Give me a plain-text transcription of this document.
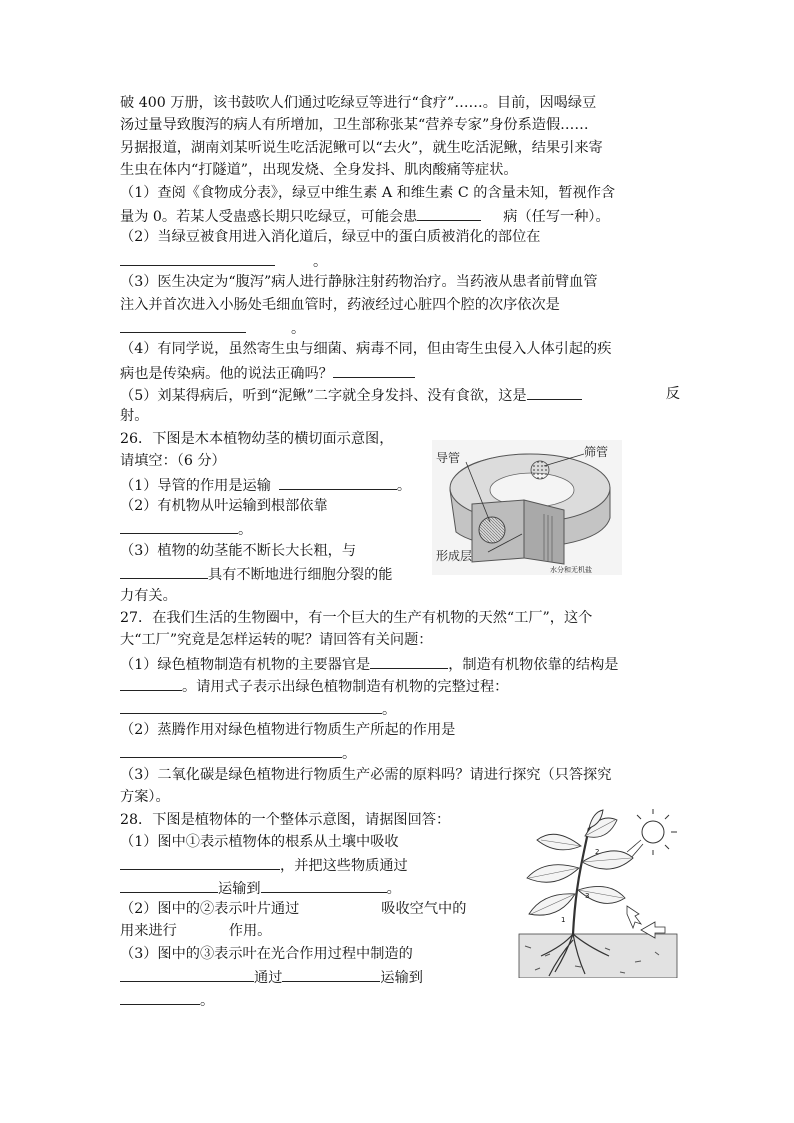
破 400 万册，该书鼓吹人们通过吃绿豆等进行“食疗”……。目前，因喝绿豆
汤过量导致腹泻的病人有所增加，卫生部称张某“营养专家”身份系造假……
另据报道，湖南刘某听说生吃活泥鳅可以“去火”，就生吃活泥鳅，结果引来寄
生虫在体内“打隧道”，出现发烧、全身发抖、肌肉酸痛等症状。
（1）查阅《食物成分表》，绿豆中维生素 A 和维生素 C 的含量未知，暂视作含
量为 0。若某人受蛊惑长期只吃绿豆，可能会患	病（任写一种）。
（2）当绿豆被食用进入消化道后，绿豆中的蛋白质被消化的部位在
。
（3）医生决定为“腹泻”病人进行静脉注射药物治疗。当药液从患者前臂血管
注入并首次进入小肠处毛细血管时，药液经过心脏四个腔的次序依次是
。
（4）有同学说，虽然寄生虫与细菌、病毒不同，但由寄生虫侵入人体引起的疾
病也是传染病。他的说法正确吗？
（5）刘某得病后，听到“泥鳅”二字就全身发抖、没有食欲，这是	反
射。
26．下图是木本植物幼茎的横切面示意图，
请填空：（6 分）
（1）导管的作用是运输	。
（2）有机物从叶运输到根部依靠
。
（3）植物的幼茎能不断长大长粗，与
具有不断地进行细胞分裂的能
力有关。
27．在我们生活的生物圈中，有一个巨大的生产有机物的天然“工厂”，这个
大“工厂”究竟是怎样运转的呢？请回答有关问题：
（1）绿色植物制造有机物的主要器官是	，制造有机物依靠的结构是
。请用式子表示出绿色植物制造有机物的完整过程：
。
（2）蒸腾作用对绿色植物进行物质生产所起的作用是
。
（3）二氧化碳是绿色植物进行物质生产必需的原料吗？请进行探究（只答探究
方案）。
28．下图是植物体的一个整体示意图，请据图回答：
（1）图中①表示植物体的根系从土壤中吸收
，并把这些物质通过
运输到	。
（2）图中的②表示叶片通过	吸收空气中的
用来进行	作用。
（3）图中的③表示叶在光合作用过程中制造的
通过	运输到
。
导管	筛管
形成层
水分和无机盐
1
2
3
